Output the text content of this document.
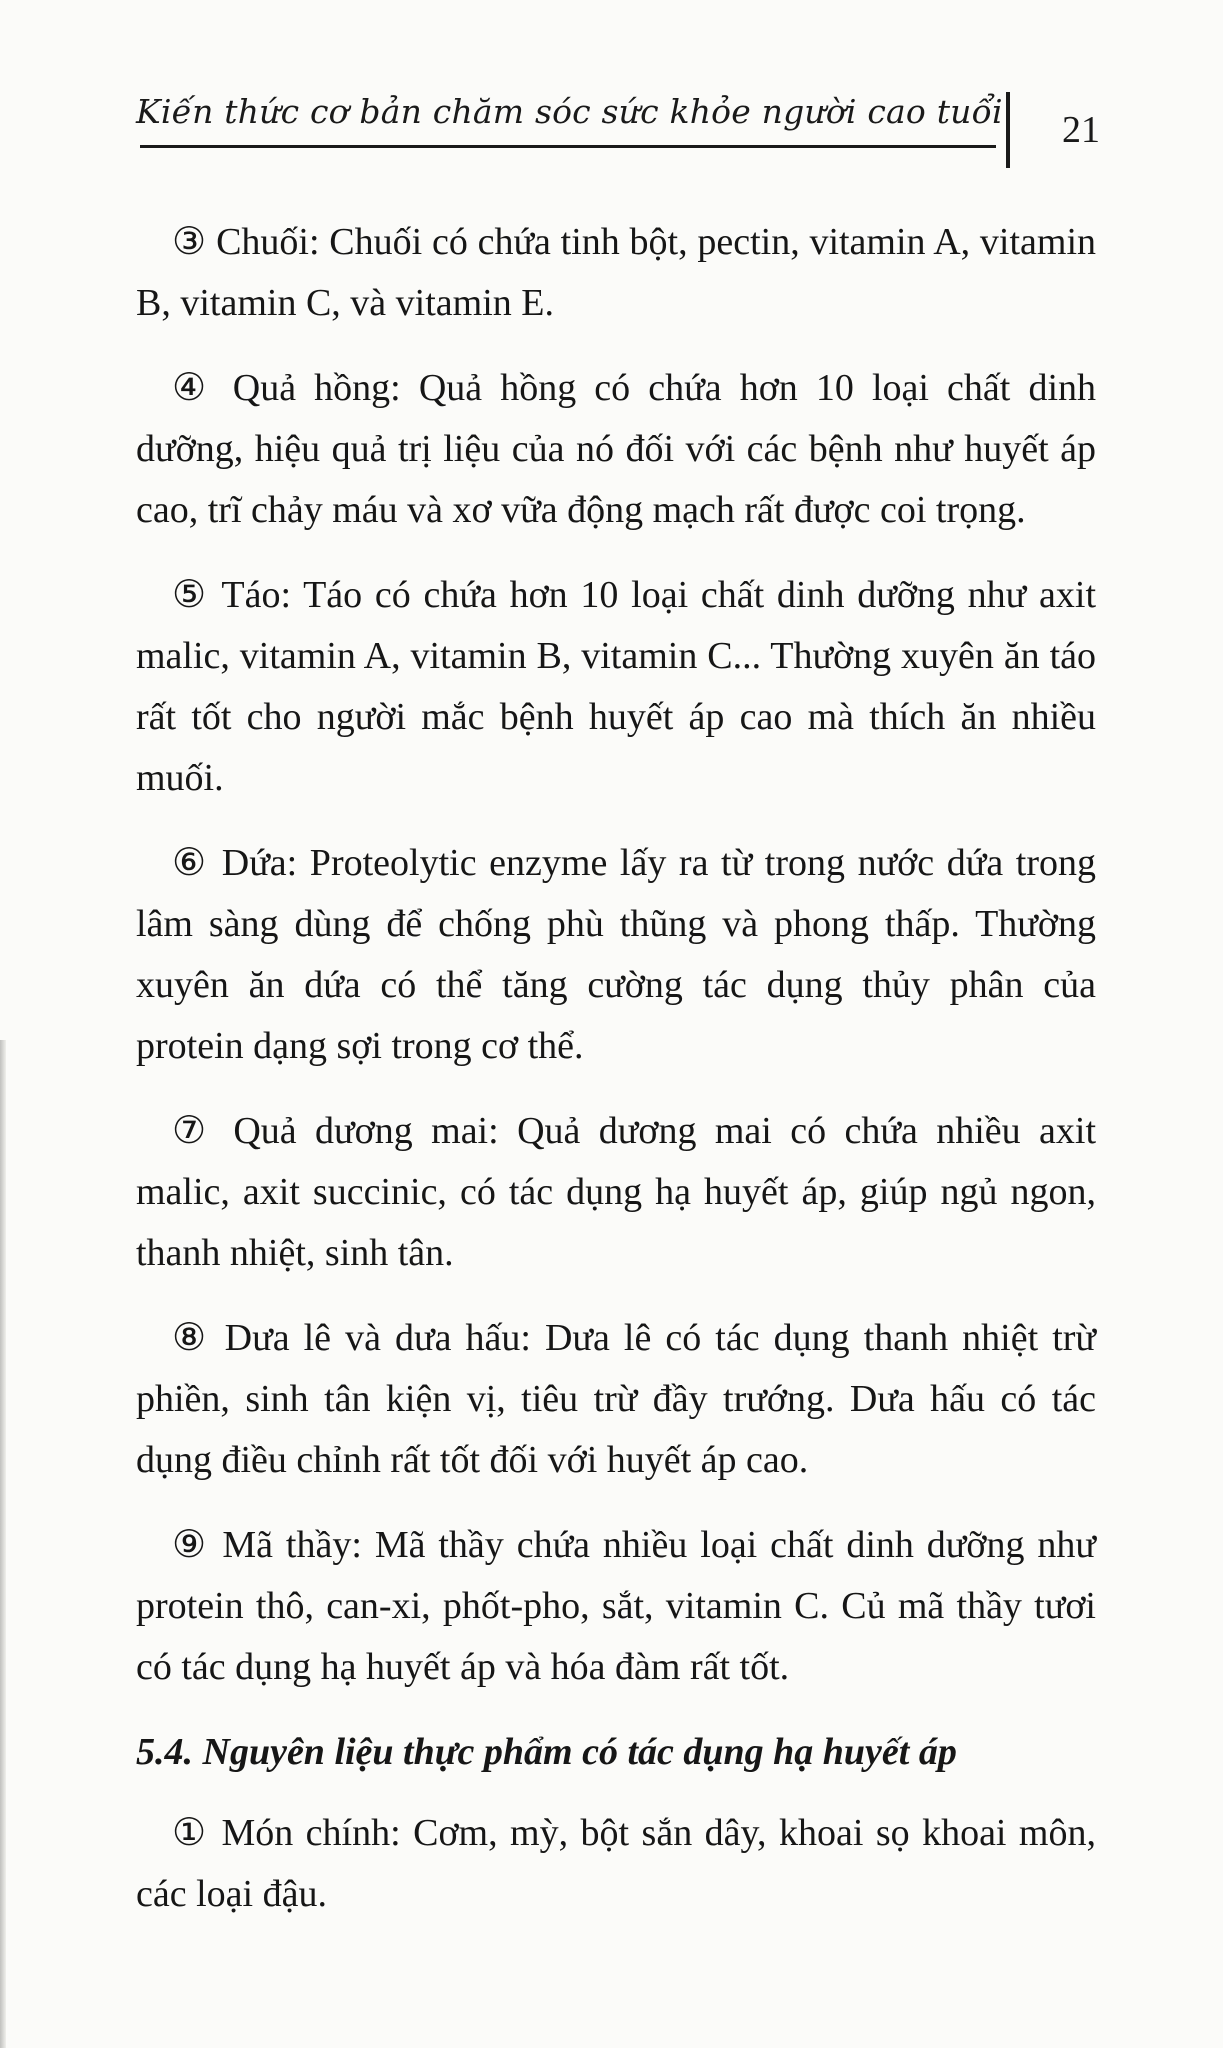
Kiến thức cơ bản chăm sóc sức khỏe người cao tuổi 21

③ Chuối: Chuối có chứa tinh bột, pectin, vitamin A, vitamin B, vitamin C, và vitamin E.

④ Quả hồng: Quả hồng có chứa hơn 10 loại chất dinh dưỡng, hiệu quả trị liệu của nó đối với các bệnh như huyết áp cao, trĩ chảy máu và xơ vữa động mạch rất được coi trọng.

⑤ Táo: Táo có chứa hơn 10 loại chất dinh dưỡng như axit malic, vitamin A, vitamin B, vitamin C... Thường xuyên ăn táo rất tốt cho người mắc bệnh huyết áp cao mà thích ăn nhiều muối.

⑥ Dứa: Proteolytic enzyme lấy ra từ trong nước dứa trong lâm sàng dùng để chống phù thũng và phong thấp. Thường xuyên ăn dứa có thể tăng cường tác dụng thủy phân của protein dạng sợi trong cơ thể.

⑦ Quả dương mai: Quả dương mai có chứa nhiều axit malic, axit succinic, có tác dụng hạ huyết áp, giúp ngủ ngon, thanh nhiệt, sinh tân.

⑧ Dưa lê và dưa hấu: Dưa lê có tác dụng thanh nhiệt trừ phiền, sinh tân kiện vị, tiêu trừ đầy trướng. Dưa hấu có tác dụng điều chỉnh rất tốt đối với huyết áp cao.

⑨ Mã thầy: Mã thầy chứa nhiều loại chất dinh dưỡng như protein thô, can-xi, phốt-pho, sắt, vitamin C. Củ mã thầy tươi có tác dụng hạ huyết áp và hóa đàm rất tốt.

5.4. Nguyên liệu thực phẩm có tác dụng hạ huyết áp

① Món chính: Cơm, mỳ, bột sắn dây, khoai sọ khoai môn, các loại đậu.
